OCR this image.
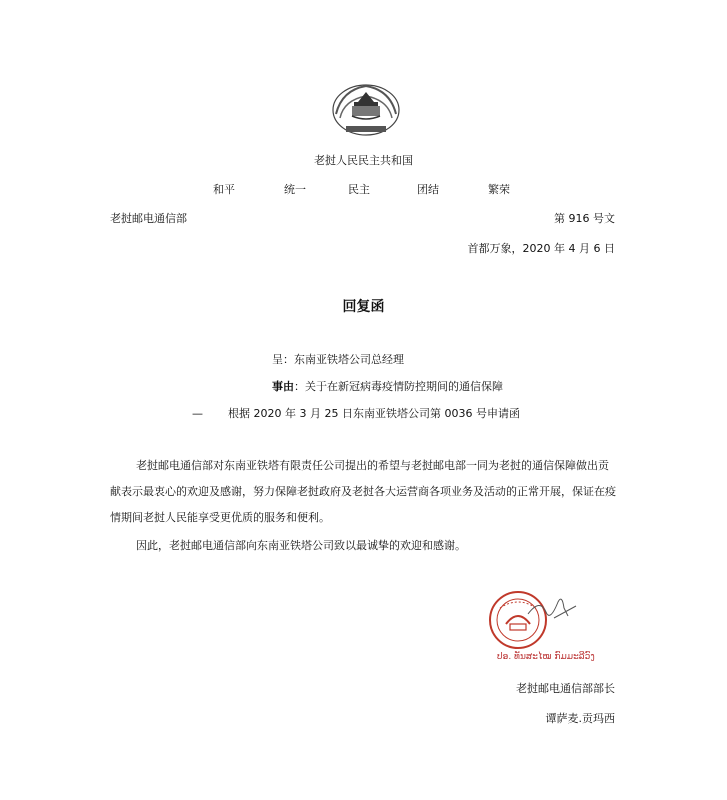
老挝人民民主共和国
和平	统一	民主	团结	繁荣
老挝邮电通信部	第 916 号文
首都万象，2020 年 4 月 6 日
回复函
呈：东南亚铁塔公司总经理
事由：关于在新冠病毒疫情防控期间的通信保障
— 根据 2020 年 3 月 25 日东南亚铁塔公司第 0036 号申请函
老挝邮电通信部对东南亚铁塔有限责任公司提出的希望与老挝邮电部一同为老挝的通信保障做出贡献表示最衷心的欢迎及感谢，努力保障老挝政府及老挝各大运营商各项业务及活动的正常开展，保证在疫情期间老挝人民能享受更优质的服务和便利。
因此，老挝邮电通信部向东南亚铁塔公司致以最诚挚的欢迎和感谢。
ປອ. ທັນສະໄໝ ກົມມະລີວົງ
老挝邮电通信部部长
谭萨麦.贡玛西
